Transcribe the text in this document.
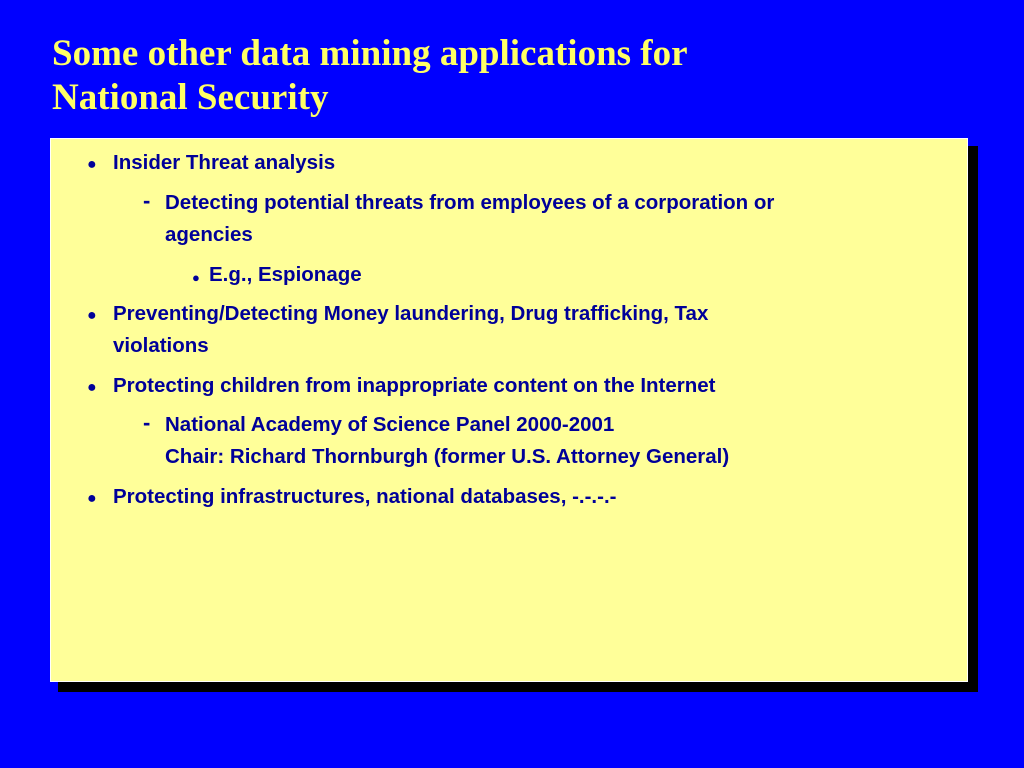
Some other data mining applications for
National Security
● Insider Threat analysis
- Detecting potential threats from employees of a corporation or
agencies
● E.g., Espionage
● Preventing/Detecting Money laundering, Drug trafficking, Tax
violations
● Protecting children from inappropriate content on the Internet
- National Academy of Science Panel 2000-2001
Chair: Richard Thornburgh (former U.S. Attorney General)
● Protecting infrastructures, national databases, -.-.-.-
